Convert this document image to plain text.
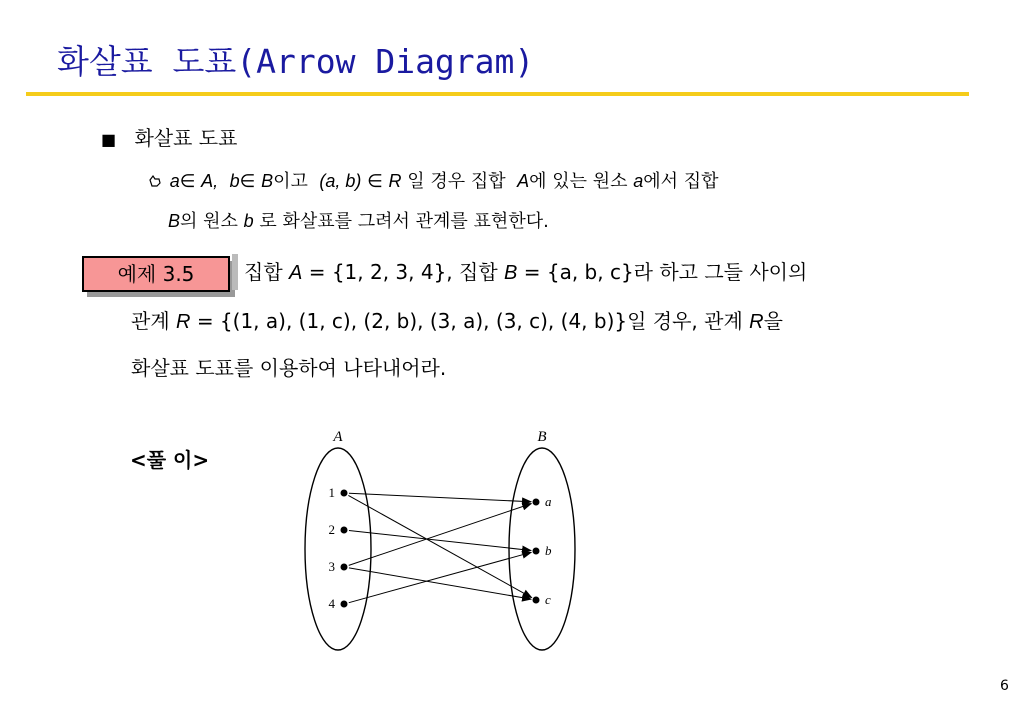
화살표 도표(Arrow Diagram)
■ 화살표 도표
a∈ A, b∈ B이고 (a, b) ∈ R 일 경우 집합 A에 있는 원소 a에서 집합
B의 원소 b 로 화살표를 그려서 관계를 표현한다.
예제 3.5	집합 A = {1, 2, 3, 4}, 집합 B = {a, b, c}라 하고 그들 사이의
관계 R = {(1, a), (1, c), (2, b), (3, a), (3, c), (4, b)}일 경우, 관계 R을
화살표 도표를 이용하여 나타내어라.
<풀 이>
A	B
1
2
3
4
a
b
c
6
